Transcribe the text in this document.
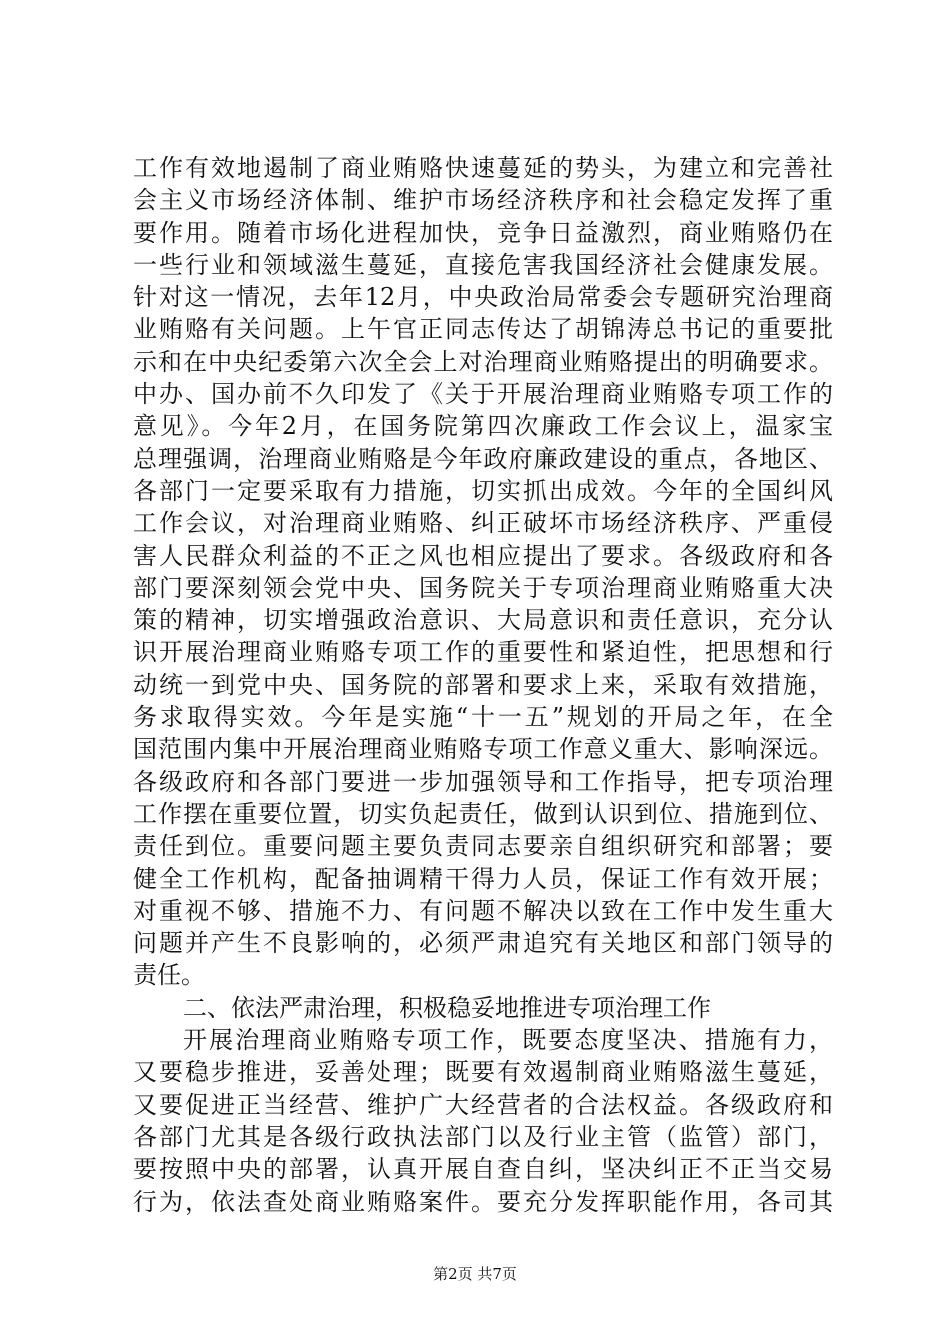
工作有效地遏制了商业贿赂快速蔓延的势头，为建立和完善社
会主义市场经济体制、维护市场经济秩序和社会稳定发挥了重
要作用。随着市场化进程加快，竞争日益激烈，商业贿赂仍在
一些行业和领域滋生蔓延，直接危害我国经济社会健康发展。
针对这一情况，去年12月，中央政治局常委会专题研究治理商
业贿赂有关问题。上午官正同志传达了胡锦涛总书记的重要批
示和在中央纪委第六次全会上对治理商业贿赂提出的明确要求。
中办、国办前不久印发了《关于开展治理商业贿赂专项工作的
意见》。今年2月，在国务院第四次廉政工作会议上，温家宝
总理强调，治理商业贿赂是今年政府廉政建设的重点，各地区、
各部门一定要采取有力措施，切实抓出成效。今年的全国纠风
工作会议，对治理商业贿赂、纠正破坏市场经济秩序、严重侵
害人民群众利益的不正之风也相应提出了要求。各级政府和各
部门要深刻领会党中央、国务院关于专项治理商业贿赂重大决
策的精神，切实增强政治意识、大局意识和责任意识，充分认
识开展治理商业贿赂专项工作的重要性和紧迫性，把思想和行
动统一到党中央、国务院的部署和要求上来，采取有效措施，
务求取得实效。今年是实施“十一五”规划的开局之年，在全
国范围内集中开展治理商业贿赂专项工作意义重大、影响深远。
各级政府和各部门要进一步加强领导和工作指导，把专项治理
工作摆在重要位置，切实负起责任，做到认识到位、措施到位、
责任到位。重要问题主要负责同志要亲自组织研究和部署；要
健全工作机构，配备抽调精干得力人员，保证工作有效开展；
对重视不够、措施不力、有问题不解决以致在工作中发生重大
问题并产生不良影响的，必须严肃追究有关地区和部门领导的
责任。
二、依法严肃治理，积极稳妥地推进专项治理工作
开展治理商业贿赂专项工作，既要态度坚决、措施有力，
又要稳步推进，妥善处理；既要有效遏制商业贿赂滋生蔓延，
又要促进正当经营、维护广大经营者的合法权益。各级政府和
各部门尤其是各级行政执法部门以及行业主管（监管）部门，
要按照中央的部署，认真开展自查自纠，坚决纠正不正当交易
行为，依法查处商业贿赂案件。要充分发挥职能作用，各司其
第2页 共7页
